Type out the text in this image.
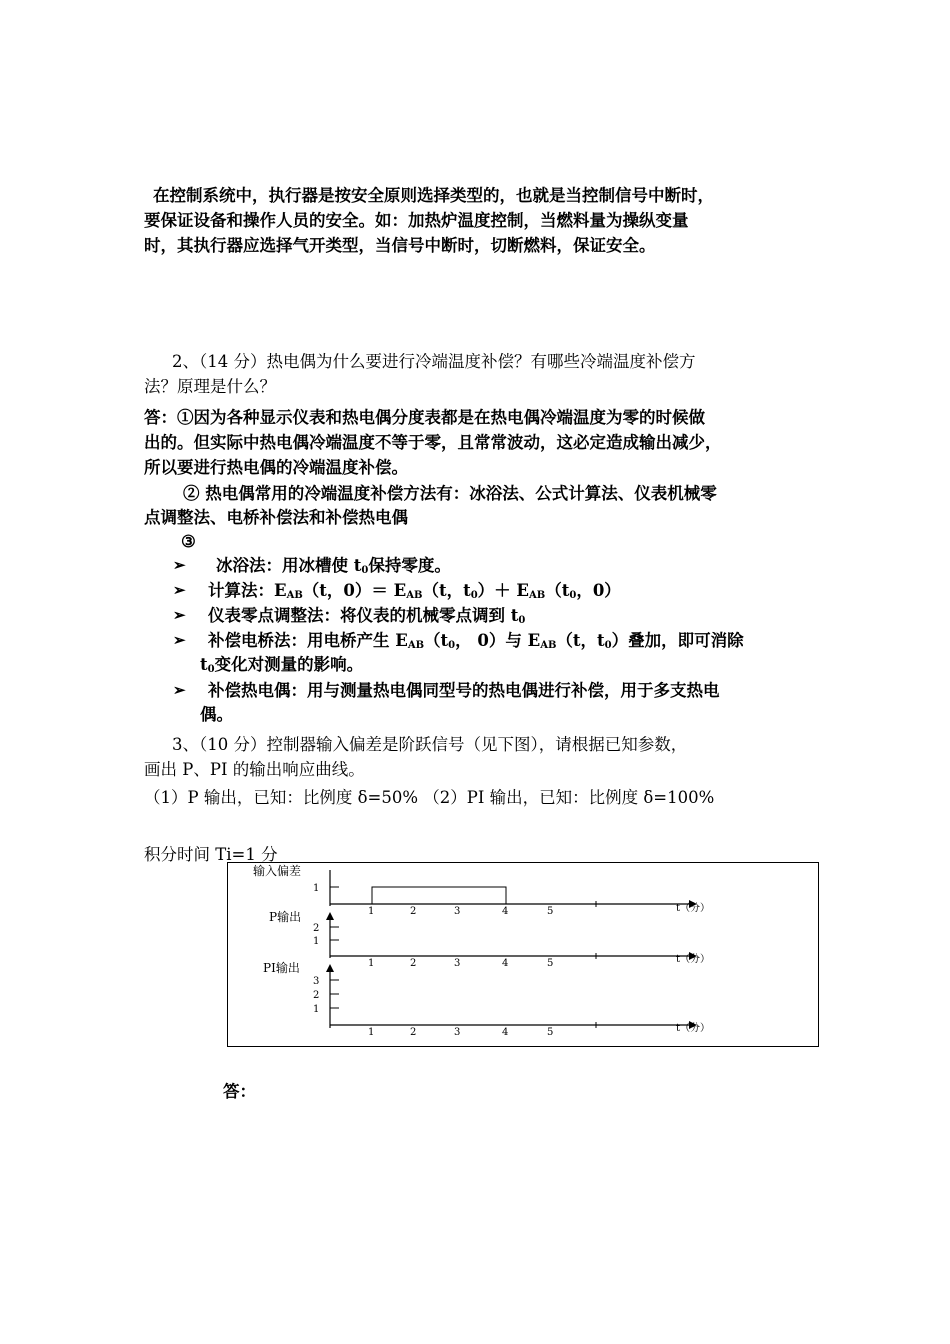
在控制系统中，执行器是按安全原则选择类型的，也就是当控制信号中断时，
要保证设备和操作人员的安全。如：加热炉温度控制，当燃料量为操纵变量
时，其执行器应选择气开类型，当信号中断时，切断燃料，保证安全。
2、（14 分）热电偶为什么要进行冷端温度补偿？有哪些冷端温度补偿方
法？原理是什么？
答：①因为各种显示仪表和热电偶分度表都是在热电偶冷端温度为零的时候做
出的。但实际中热电偶冷端温度不等于零，且常常波动，这必定造成输出减少，
所以要进行热电偶的冷端温度补偿。
② 热电偶常用的冷端温度补偿方法有：冰浴法、公式计算法、仪表机械零
点调整法、电桥补偿法和补偿热电偶
③
➢ 冰浴法：用冰槽使 $t_0$保持零度。
➢ 计算法：$E_{AB}(t$，$0)= E_{AB}(t$，$t_0)+ E_{AB}(t_0$，0）
➢ 仪表零点调整法：将仪表的机械零点调到 $t_0$
➢ 补偿电桥法：用电桥产生 $E_{AB}(t_0$， 0）与 $E_{AB}(t$，$t_0$）叠加，即可消除
$t_0$变化对测量的影响。
➢ 补偿热电偶：用与测量热电偶同型号的热电偶进行补偿，用于多支热电
偶。
3、（10 分）控制器输入偏差是阶跃信号（见下图），请根据已知参数，
画出 P、PI 的输出响应曲线。
（1）P 输出，已知：比例度 δ=50% （2）PI 输出，已知：比例度 δ=100%
积分时间 Ti=1 分
输入偏差
1
1	2	3	4	5	t（分）
P输出
2
1
1	2	3	4	5	t（分）
PI输出
3
2
1
1	2	3	4	5	t（分）
答：
